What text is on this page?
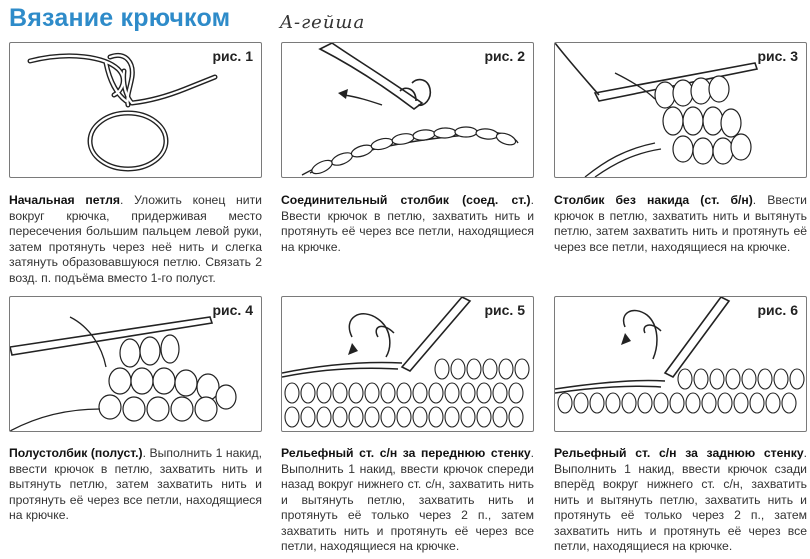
Вязание крючком	A-гейша
рис. 1
Начальная петля. Уложить конец нити вокруг крючка, придерживая место пересечения большим пальцем левой руки, затем протянуть через неё нить и слегка затянуть образовавшуюся петлю. Связать 2 возд. п. подъёма вместо 1-го полуст.
рис. 2
Соединительный столбик (соед. ст.). Ввести крючок в петлю, захватить нить и протянуть её через все петли, находящиеся на крючке.
рис. 3
Столбик без накида (ст. б/н). Ввести крючок в петлю, захватить нить и вытянуть петлю, затем захватить нить и протянуть её через все петли, находящиеся на крючке.
рис. 4
Полустолбик (полуст.). Выполнить 1 накид, ввести крючок в петлю, захватить нить и вытянуть петлю, затем захватить нить и протянуть её через все петли, находящиеся на крючке.
рис. 5
Рельефный ст. с/н за переднюю стенку. Выполнить 1 накид, ввести крючок спереди назад вокруг нижнего ст. с/н, захватить нить и вытянуть петлю, захватить нить и протянуть её только через 2 п., затем захватить нить и протянуть её через все петли, находящиеся на крючке.
рис. 6
Рельефный ст. с/н за заднюю стенку. Выполнить 1 накид, ввести крючок сзади вперёд вокруг нижнего ст. с/н, захватить нить и вытянуть петлю, захватить нить и протянуть её только через 2 п., затем захватить нить и протянуть её через все петли, находящиеся на крючке.
